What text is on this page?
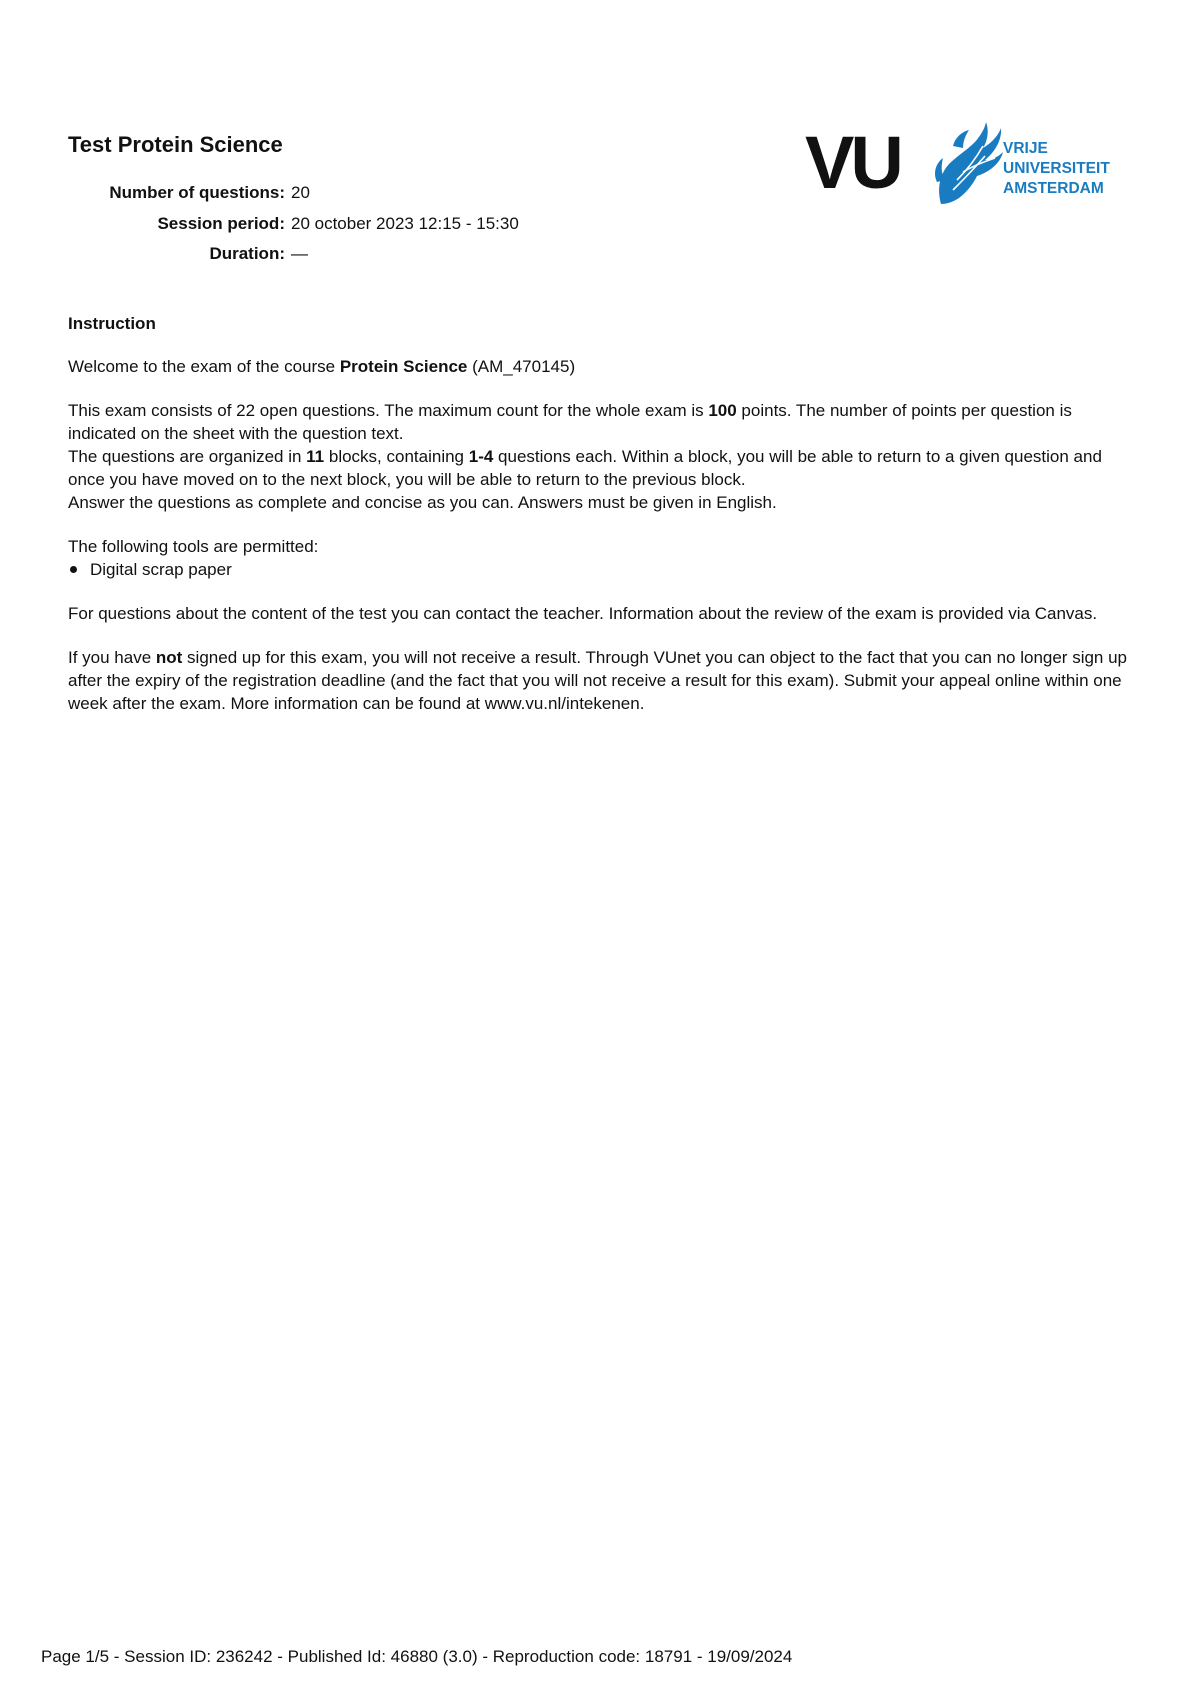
Test Protein Science
Number of questions : 20
Session period : 20 october 2023 12:15 - 15:30
Duration : —
VU	VRIJE
UNIVERSITEIT
AMSTERDAM
Instruction

Welcome to the exam of the course Protein Science (AM_470145)

This exam consists of 22 open questions. The maximum count for the whole exam is 100 points. The number of points per question is indicated on the sheet with the question text.
The questions are organized in 11 blocks, containing 1-4 questions each. Within a block, you will be able to return to a given question and once you have moved on to the next block, you will be able to return to the previous block.
Answer the questions as complete and concise as you can. Answers must be given in English.

The following tools are permitted:
Digital scrap paper

For questions about the content of the test you can contact the teacher. Information about the review of the exam is provided via Canvas.

If you have not signed up for this exam, you will not receive a result. Through VUnet you can object to the fact that you can no longer sign up after the expiry of the registration deadline (and the fact that you will not receive a result for this exam). Submit your appeal online within one week after the exam. More information can be found at www.vu.nl/intekenen.

Page 1/5 - Session ID: 236242 - Published Id: 46880 (3.0) - Reproduction code: 18791 - 19/09/2024
